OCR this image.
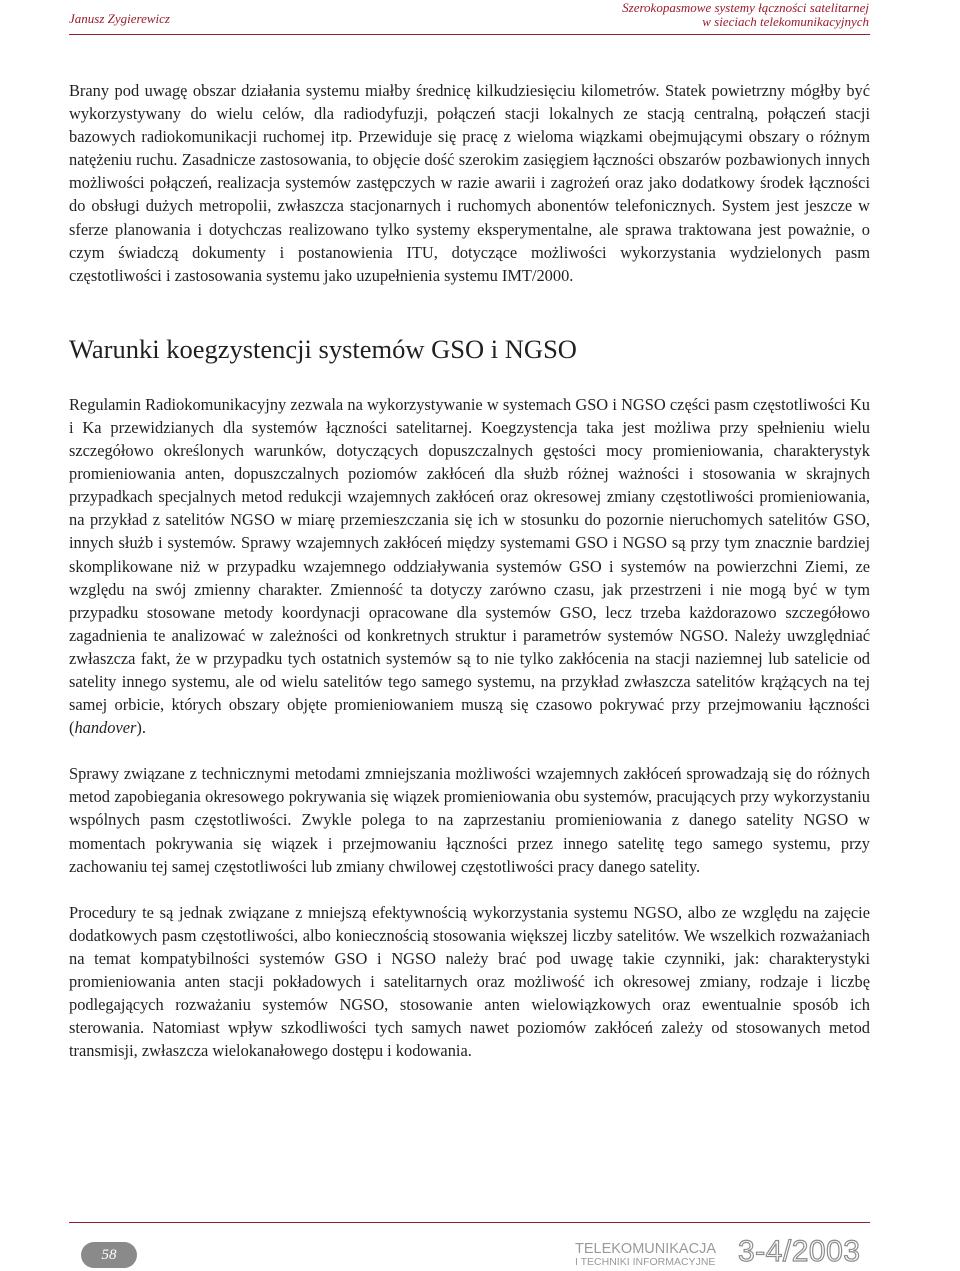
Janusz Zygierewicz
Szerokopasmowe systemy łączności satelitarnej
w sieciach telekomunikacyjnych

Brany pod uwagę obszar działania systemu miałby średnicę kilkudziesięciu kilometrów. Statek powietrzny mógłby być wykorzystywany do wielu celów, dla radiodyfuzji, połączeń stacji lokalnych ze stacją centralną, połączeń stacji bazowych radiokomunikacji ruchomej itp. Przewiduje się pracę z wieloma wiązkami obejmującymi obszary o różnym natężeniu ruchu. Zasadnicze zastosowania, to objęcie dość szerokim zasięgiem łączności obszarów pozbawionych innych możliwości połączeń, realizacja systemów zastępczych w razie awarii i zagrożeń oraz jako dodatkowy środek łączności do obsługi dużych metropolii, zwłaszcza stacjonarnych i ruchomych abonentów telefonicznych. System jest jeszcze w sferze planowania i dotychczas realizowano tylko systemy eksperymentalne, ale sprawa traktowana jest poważnie, o czym świadczą dokumenty i postanowienia ITU, dotyczące możliwości wykorzystania wydzielonych pasm częstotliwości i zastosowania systemu jako uzupełnienia systemu IMT/2000.

Warunki koegzystencji systemów GSO i NGSO

Regulamin Radiokomunikacyjny zezwala na wykorzystywanie w systemach GSO i NGSO części pasm częstotliwości Ku i Ka przewidzianych dla systemów łączności satelitarnej. Koegzystencja taka jest możliwa przy spełnieniu wielu szczegółowo określonych warunków, dotyczących dopuszczalnych gęstości mocy promieniowania, charakterystyk promieniowania anten, dopuszczalnych poziomów zakłóceń dla służb różnej ważności i stosowania w skrajnych przypadkach specjalnych metod redukcji wzajemnych zakłóceń oraz okresowej zmiany częstotliwości promieniowania, na przykład z satelitów NGSO w miarę przemieszczania się ich w stosunku do pozornie nieruchomych satelitów GSO, innych służb i systemów. Sprawy wzajemnych zakłóceń między systemami GSO i NGSO są przy tym znacznie bardziej skomplikowane niż w przypadku wzajemnego oddziaływania systemów GSO i systemów na powierzchni Ziemi, ze względu na swój zmienny charakter. Zmienność ta dotyczy zarówno czasu, jak przestrzeni i nie mogą być w tym przypadku stosowane metody koordynacji opracowane dla systemów GSO, lecz trzeba każdorazowo szczegółowo zagadnienia te analizować w zależności od konkretnych struktur i parametrów systemów NGSO. Należy uwzględniać zwłaszcza fakt, że w przypadku tych ostatnich systemów są to nie tylko zakłócenia na stacji naziemnej lub satelicie od satelity innego systemu, ale od wielu satelitów tego samego systemu, na przykład zwłaszcza satelitów krążących na tej samej orbicie, których obszary objęte promieniowaniem muszą się czasowo pokrywać przy przejmowaniu łączności (handover).

Sprawy związane z technicznymi metodami zmniejszania możliwości wzajemnych zakłóceń sprowadzają się do różnych metod zapobiegania okresowego pokrywania się wiązek promieniowania obu systemów, pracujących przy wykorzystaniu wspólnych pasm częstotliwości. Zwykle polega to na zaprzestaniu promieniowania z danego satelity NGSO w momentach pokrywania się wiązek i przejmowaniu łączności przez innego satelitę tego samego systemu, przy zachowaniu tej samej częstotliwości lub zmiany chwilowej częstotliwości pracy danego satelity.

Procedury te są jednak związane z mniejszą efektywnością wykorzystania systemu NGSO, albo ze względu na zajęcie dodatkowych pasm częstotliwości, albo koniecznością stosowania większej liczby satelitów. We wszelkich rozważaniach na temat kompatybilności systemów GSO i NGSO należy brać pod uwagę takie czynniki, jak: charakterystyki promieniowania anten stacji pokładowych i satelitarnych oraz możliwość ich okresowej zmiany, rodzaje i liczbę podlegających rozważaniu systemów NGSO, stosowanie anten wielowiązkowych oraz ewentualnie sposób ich sterowania. Natomiast wpływ szkodliwości tych samych nawet poziomów zakłóceń zależy od stosowanych metod transmisji, zwłaszcza wielokanałowego dostępu i kodowania.

58	TELEKOMUNIKACJA
I TECHNIKI INFORMACYJNE 3-4/2003
